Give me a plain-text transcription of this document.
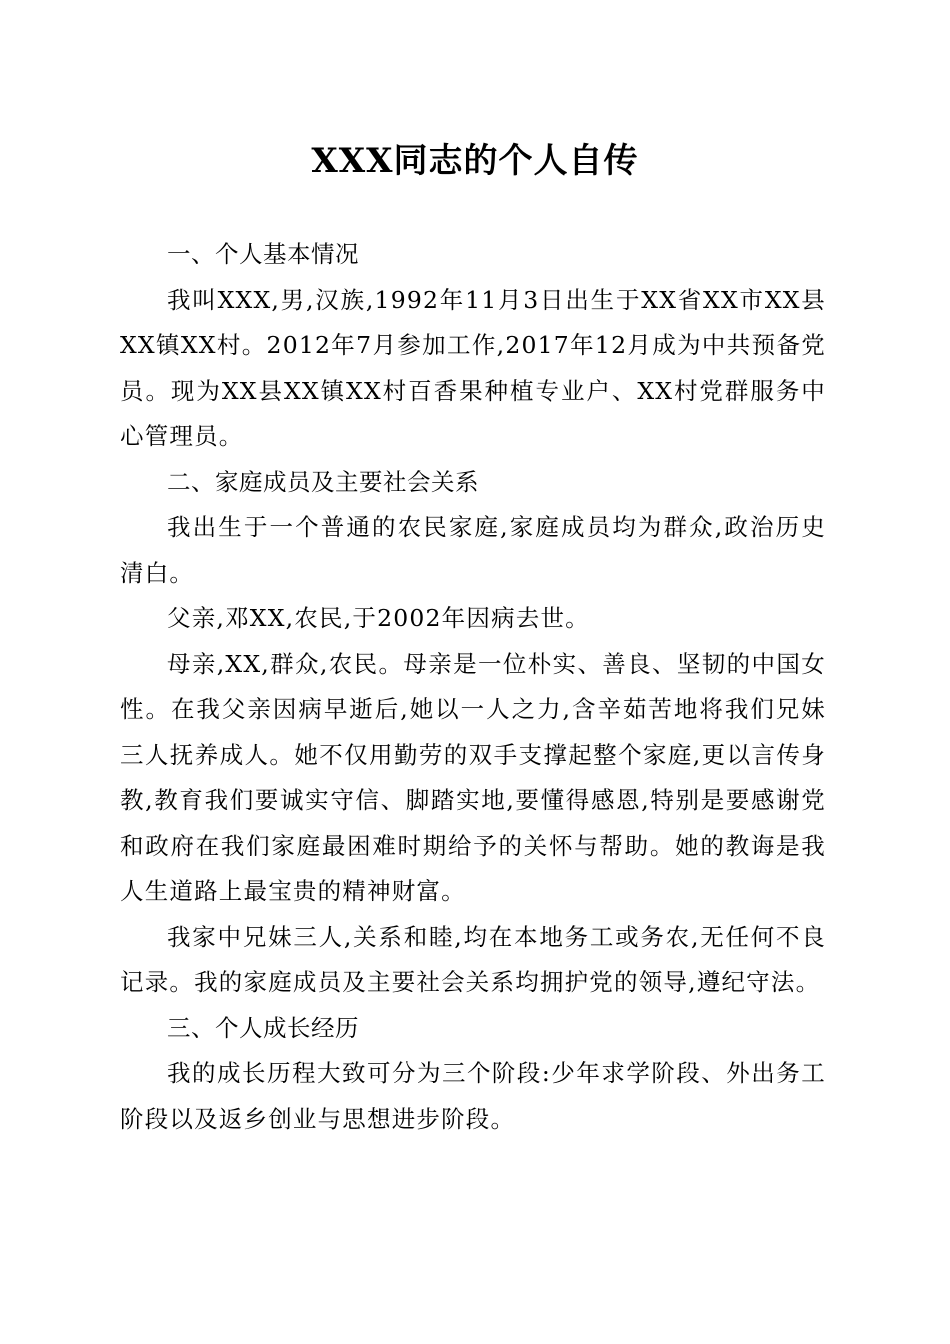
XXX同志的个人自传

一、个人基本情况

我叫XXX,男,汉族,1992年11月3日出生于XX省XX市XX县XX镇XX村。2012年7月参加工作,2017年12月成为中共预备党员。现为XX县XX镇XX村百香果种植专业户、XX村党群服务中心管理员。

二、家庭成员及主要社会关系

我出生于一个普通的农民家庭,家庭成员均为群众,政治历史清白。

父亲,邓XX,农民,于2002年因病去世。

母亲,XX,群众,农民。母亲是一位朴实、善良、坚韧的中国女性。在我父亲因病早逝后,她以一人之力,含辛茹苦地将我们兄妹三人抚养成人。她不仅用勤劳的双手支撑起整个家庭,更以言传身教,教育我们要诚实守信、脚踏实地,要懂得感恩,特别是要感谢党和政府在我们家庭最困难时期给予的关怀与帮助。她的教诲是我人生道路上最宝贵的精神财富。

我家中兄妹三人,关系和睦,均在本地务工或务农,无任何不良记录。我的家庭成员及主要社会关系均拥护党的领导,遵纪守法。

三、个人成长经历

我的成长历程大致可分为三个阶段:少年求学阶段、外出务工阶段以及返乡创业与思想进步阶段。
